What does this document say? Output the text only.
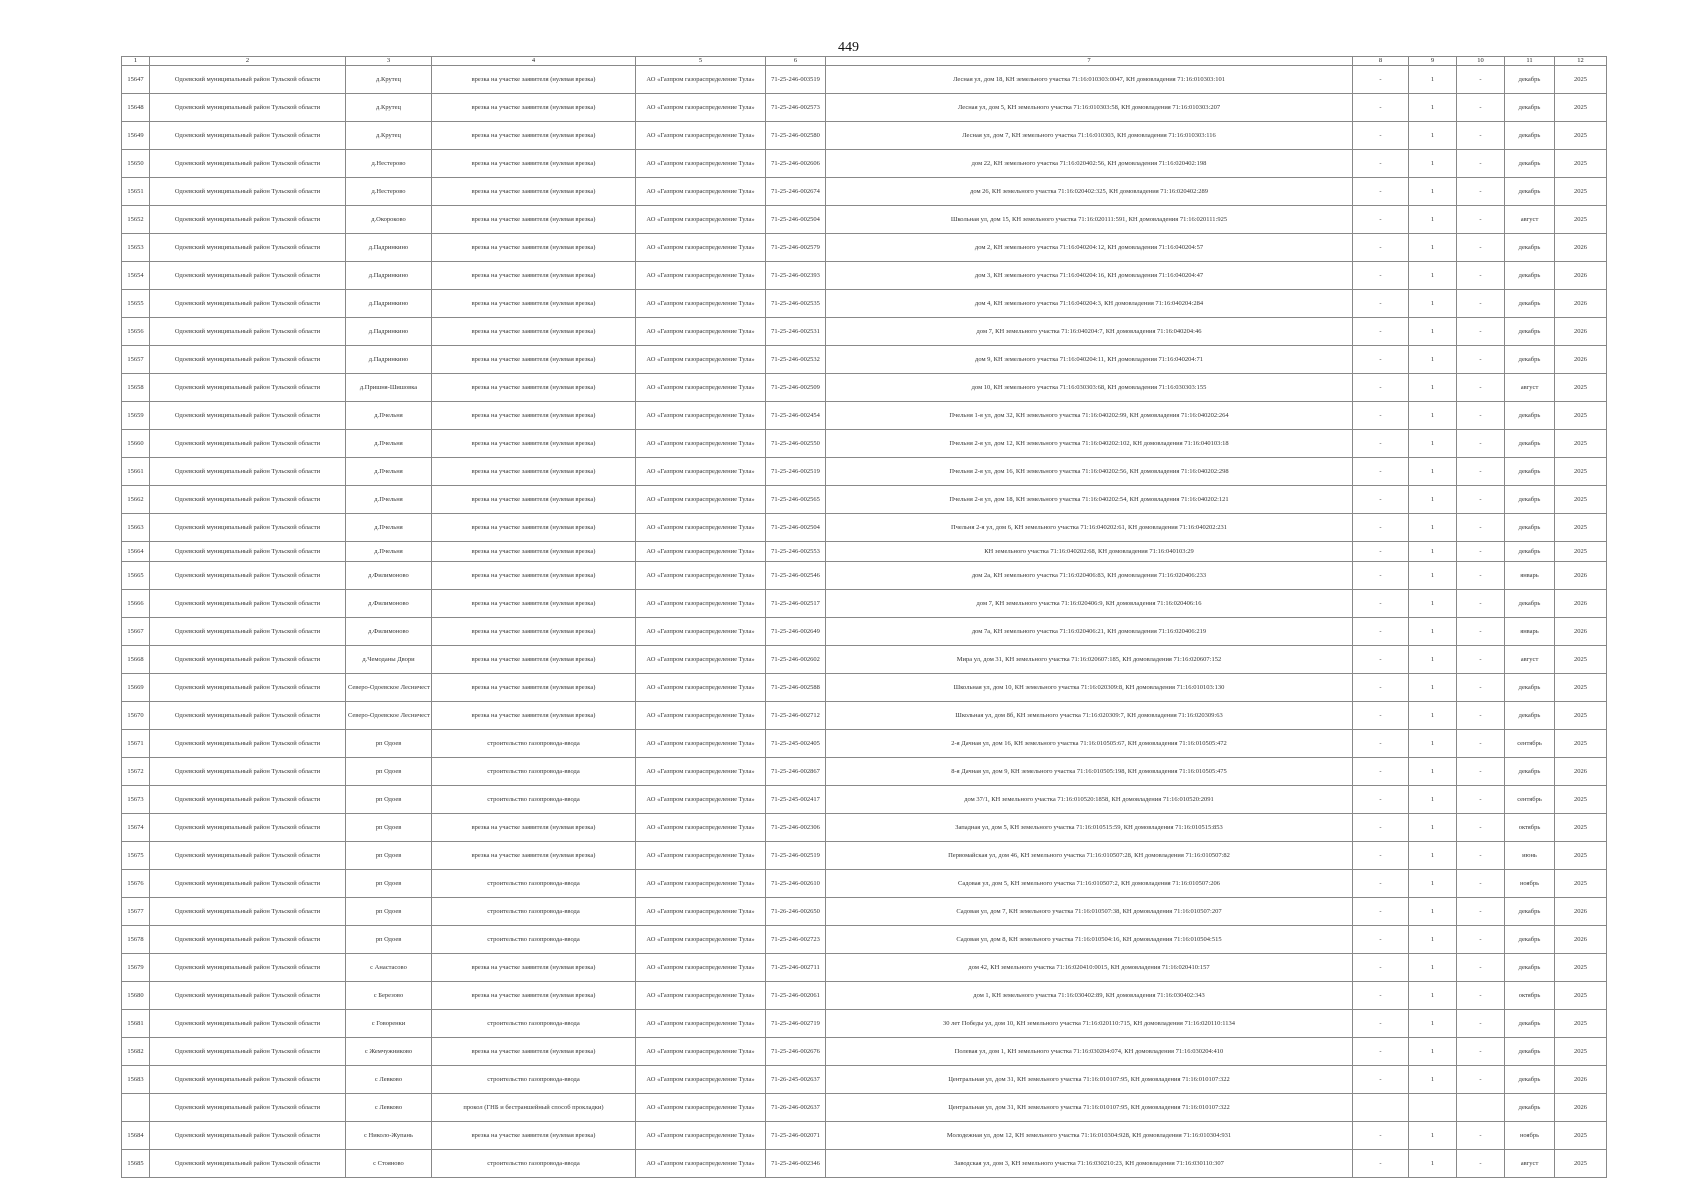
449
1	2	3	4	5	6	7	8	9	10	11	12
15647	Одоевский муниципальный район Тульской области	д.Крутец	врезка на участке заявителя (нулевая врезка)	АО «Газпром газораспределение Тула»	71-25-246-003519	Лесная ул, дом 18, КН земельного участка 71:16:010303:0047, КН домовладения 71:16:010303:101	-	1	-	декабрь	2025
15648	Одоевский муниципальный район Тульской области	д.Крутец	врезка на участке заявителя (нулевая врезка)	АО «Газпром газораспределение Тула»	71-25-246-002573	Лесная ул, дом 5, КН земельного участка 71:16:010303:58, КН домовладения 71:16:010303:207	-	1	-	декабрь	2025
15649	Одоевский муниципальный район Тульской области	д.Крутец	врезка на участке заявителя (нулевая врезка)	АО «Газпром газораспределение Тула»	71-25-246-002580	Лесная ул, дом 7, КН земельного участка 71:16:010303, КН домовладения 71:16:010303:116	-	1	-	декабрь	2025
15650	Одоевский муниципальный район Тульской области	д.Нестерово	врезка на участке заявителя (нулевая врезка)	АО «Газпром газораспределение Тула»	71-25-246-002606	дом 22, КН земельного участка 71:16:020402:56, КН домовладения 71:16:020402:198	-	1	-	декабрь	2025
15651	Одоевский муниципальный район Тульской области	д.Нестерово	врезка на участке заявителя (нулевая врезка)	АО «Газпром газораспределение Тула»	71-25-246-002674	дом 26, КН земельного участка 71:16:020402:325, КН домовладения 71:16:020402:289	-	1	-	декабрь	2025
15652	Одоевский муниципальный район Тульской области	д.Окороково	врезка на участке заявителя (нулевая врезка)	АО «Газпром газораспределение Тула»	71-25-246-002504	Школьная ул, дом 15, КН земельного участка 71:16:020111:591, КН домовладения 71:16:020111:925	-	1	-	август	2025
15653	Одоевский муниципальный район Тульской области	д.Падринкино	врезка на участке заявителя (нулевая врезка)	АО «Газпром газораспределение Тула»	71-25-246-002579	дом 2, КН земельного участка 71:16:040204:12, КН домовладения 71:16:040204:57	-	1	-	декабрь	2026
15654	Одоевский муниципальный район Тульской области	д.Падринкино	врезка на участке заявителя (нулевая врезка)	АО «Газпром газораспределение Тула»	71-25-246-002393	дом 3, КН земельного участка 71:16:040204:16, КН домовладения 71:16:040204:47	-	1	-	декабрь	2026
15655	Одоевский муниципальный район Тульской области	д.Падринкино	врезка на участке заявителя (нулевая врезка)	АО «Газпром газораспределение Тула»	71-25-246-002535	дом 4, КН земельного участка 71:16:040204:3, КН домовладения 71:16:040204:284	-	1	-	декабрь	2026
15656	Одоевский муниципальный район Тульской области	д.Падринкино	врезка на участке заявителя (нулевая врезка)	АО «Газпром газораспределение Тула»	71-25-246-002531	дом 7, КН земельного участка 71:16:040204:7, КН домовладения 71:16:040204:46	-	1	-	декабрь	2026
15657	Одоевский муниципальный район Тульской области	д.Падринкино	врезка на участке заявителя (нулевая врезка)	АО «Газпром газораспределение Тула»	71-25-246-002532	дом 9, КН земельного участка 71:16:040204:11, КН домовладения 71:16:040204:71	-	1	-	декабрь	2026
15658	Одоевский муниципальный район Тульской области	д.Пришня-Шишовка	врезка на участке заявителя (нулевая врезка)	АО «Газпром газораспределение Тула»	71-25-246-002509	дом 10, КН земельного участка 71:16:030303:68, КН домовладения 71:16:030303:155	-	1	-	август	2025
15659	Одоевский муниципальный район Тульской области	д.Пчельня	врезка на участке заявителя (нулевая врезка)	АО «Газпром газораспределение Тула»	71-25-246-002454	Пчельня 1-я ул, дом 32, КН земельного участка 71:16:040202:99, КН домовладения 71:16:040202:264	-	1	-	декабрь	2025
15660	Одоевский муниципальный район Тульской области	д.Пчельня	врезка на участке заявителя (нулевая врезка)	АО «Газпром газораспределение Тула»	71-25-246-002550	Пчельня 2-я ул, дом 12, КН земельного участка 71:16:040202:102, КН домовладения 71:16:040103:18	-	1	-	декабрь	2025
15661	Одоевский муниципальный район Тульской области	д.Пчельня	врезка на участке заявителя (нулевая врезка)	АО «Газпром газораспределение Тула»	71-25-246-002519	Пчельня 2-я ул, дом 16, КН земельного участка 71:16:040202:56, КН домовладения 71:16:040202:298	-	1	-	декабрь	2025
15662	Одоевский муниципальный район Тульской области	д.Пчельня	врезка на участке заявителя (нулевая врезка)	АО «Газпром газораспределение Тула»	71-25-246-002565	Пчельня 2-я ул, дом 18, КН земельного участка 71:16:040202:54, КН домовладения 71:16:040202:121	-	1	-	декабрь	2025
15663	Одоевский муниципальный район Тульской области	д.Пчельня	врезка на участке заявителя (нулевая врезка)	АО «Газпром газораспределение Тула»	71-25-246-002504	Пчельня 2-я ул, дом 6, КН земельного участка 71:16:040202:61, КН домовладения 71:16:040202:231	-	1	-	декабрь	2025
15664	Одоевский муниципальный район Тульской области	д.Пчельня	врезка на участке заявителя (нулевая врезка)	АО «Газпром газораспределение Тула»	71-25-246-002553	КН земельного участка 71:16:040202:68, КН домовладения 71:16:040103:29	-	1	-	декабрь	2025
15665	Одоевский муниципальный район Тульской области	д.Филимоново	врезка на участке заявителя (нулевая врезка)	АО «Газпром газораспределение Тула»	71-25-246-002546	дом 2а, КН земельного участка 71:16:020406:83, КН домовладения 71:16:020406:233	-	1	-	январь	2026
15666	Одоевский муниципальный район Тульской области	д.Филимоново	врезка на участке заявителя (нулевая врезка)	АО «Газпром газораспределение Тула»	71-25-246-002517	дом 7, КН земельного участка 71:16:020406:9, КН домовладения 71:16:020406:16	-	1	-	декабрь	2026
15667	Одоевский муниципальный район Тульской области	д.Филимоново	врезка на участке заявителя (нулевая врезка)	АО «Газпром газораспределение Тула»	71-25-246-002649	дом 7а, КН земельного участка 71:16:020406:21, КН домовладения 71:16:020406:219	-	1	-	январь	2026
15668	Одоевский муниципальный район Тульской области	д.Чемоданы Двори	врезка на участке заявителя (нулевая врезка)	АО «Газпром газораспределение Тула»	71-25-246-002602	Мира ул, дом 31, КН земельного участка 71:16:020607:185, КН домовладения 71:16:020607:152	-	1	-	август	2025
15669	Одоевский муниципальный район Тульской области	Северо-Одоевское Лесничест	врезка на участке заявителя (нулевая врезка)	АО «Газпром газораспределение Тула»	71-25-246-002588	Школьная ул, дом 10, КН земельного участка 71:16:020309:8, КН домовладения 71:16:010103:130	-	1	-	декабрь	2025
15670	Одоевский муниципальный район Тульской области	Северо-Одоевское Лесничест	врезка на участке заявителя (нулевая врезка)	АО «Газпром газораспределение Тула»	71-25-246-002712	Школьная ул, дом 8б, КН земельного участка 71:16:020309:7, КН домовладения 71:16:020309:63	-	1	-	декабрь	2025
15671	Одоевский муниципальный район Тульской области	рп Одоев	строительство газопровода-ввода	АО «Газпром газораспределение Тула»	71-25-245-002405	2-я Дачная ул, дом 16, КН земельного участка 71:16:010505:67, КН домовладения 71:16:010505:472	-	1	-	сентябрь	2025
15672	Одоевский муниципальный район Тульской области	рп Одоев	строительство газопровода-ввода	АО «Газпром газораспределение Тула»	71-25-246-002867	8-я Дачная ул, дом 9, КН земельного участка 71:16:010505:198, КН домовладения 71:16:010505:475	-	1	-	декабрь	2026
15673	Одоевский муниципальный район Тульской области	рп Одоев	строительство газопровода-ввода	АО «Газпром газораспределение Тула»	71-25-245-002417	дом 37/1, КН земельного участка 71:16:010520:1858, КН домовладения 71:16:010520:2091	-	1	-	сентябрь	2025
15674	Одоевский муниципальный район Тульской области	рп Одоев	врезка на участке заявителя (нулевая врезка)	АО «Газпром газораспределение Тула»	71-25-246-002306	Западная ул, дом 5, КН земельного участка 71:16:010515:59, КН домовладения 71:16:010515:853	-	1	-	октябрь	2025
15675	Одоевский муниципальный район Тульской области	рп Одоев	врезка на участке заявителя (нулевая врезка)	АО «Газпром газораспределение Тула»	71-25-246-002519	Первомайская ул, дом 46, КН земельного участка 71:16:010507:28, КН домовладения 71:16:010507:82	-	1	-	июнь	2025
15676	Одоевский муниципальный район Тульской области	рп Одоев	строительство газопровода-ввода	АО «Газпром газораспределение Тула»	71-25-246-002610	Садовая ул, дом 5, КН земельного участка 71:16:010507:2, КН домовладения 71:16:010507:206	-	1	-	ноябрь	2025
15677	Одоевский муниципальный район Тульской области	рп Одоев	строительство газопровода-ввода	АО «Газпром газораспределение Тула»	71-26-246-002650	Садовая ул, дом 7, КН земельного участка 71:16:010507:38, КН домовладения 71:16:010507:207	-	1	-	декабрь	2026
15678	Одоевский муниципальный район Тульской области	рп Одоев	строительство газопровода-ввода	АО «Газпром газораспределение Тула»	71-25-246-002723	Садовая ул, дом 8, КН земельного участка 71:16:010504:16, КН домовладения 71:16:010504:515	-	1	-	декабрь	2026
15679	Одоевский муниципальный район Тульской области	с Анастасово	врезка на участке заявителя (нулевая врезка)	АО «Газпром газораспределение Тула»	71-25-246-002711	дом 42, КН земельного участка 71:16:020410:0015, КН домовладения 71:16:020410:157	-	1	-	декабрь	2025
15680	Одоевский муниципальный район Тульской области	с Березово	врезка на участке заявителя (нулевая врезка)	АО «Газпром газораспределение Тула»	71-25-246-002061	дом 1, КН земельного участка 71:16:030402:89, КН домовладения 71:16:030402:343	-	1	-	октябрь	2025
15681	Одоевский муниципальный район Тульской области	с Говоренки	строительство газопровода-ввода	АО «Газпром газораспределение Тула»	71-25-246-002719	30 лет Победы ул, дом 10, КН земельного участка 71:16:020110:715, КН домовладения 71:16:020110:1134	-	1	-	декабрь	2025
15682	Одоевский муниципальный район Тульской области	с Жемчужниково	врезка на участке заявителя (нулевая врезка)	АО «Газпром газораспределение Тула»	71-25-246-002676	Полевая ул, дом 1, КН земельного участка 71:16:030204:074, КН домовладения 71:16:030204:410	-	1	-	декабрь	2025
15683	Одоевский муниципальный район Тульской области	с Левково	строительство газопровода-ввода	АО «Газпром газораспределение Тула»	71-26-245-002637	Центральная ул, дом 31, КН земельного участка 71:16:010107:95, КН домовладения 71:16:010107:322	-	1	-	декабрь	2026
	Одоевский муниципальный район Тульской области	с Левково	прокол (ГНБ и бестраншейный способ прокладки)	АО «Газпром газораспределение Тула»	71-26-246-002637	Центральная ул, дом 31, КН земельного участка 71:16:010107:95, КН домовладения 71:16:010107:322				декабрь	2026
15684	Одоевский муниципальный район Тульской области	с Николо-Жупань	врезка на участке заявителя (нулевая врезка)	АО «Газпром газораспределение Тула»	71-25-246-002071	Молодежная ул, дом 12, КН земельного участка 71:16:010304:928, КН домовладения 71:16:010304:931	-	1	-	ноябрь	2025
15685	Одоевский муниципальный район Тульской области	с Стояново	строительство газопровода-ввода	АО «Газпром газораспределение Тула»	71-25-246-002346	Заводская ул, дом 3, КН земельного участка 71:16:030210:23, КН домовладения 71:16:030110:307	-	1	-	август	2025
